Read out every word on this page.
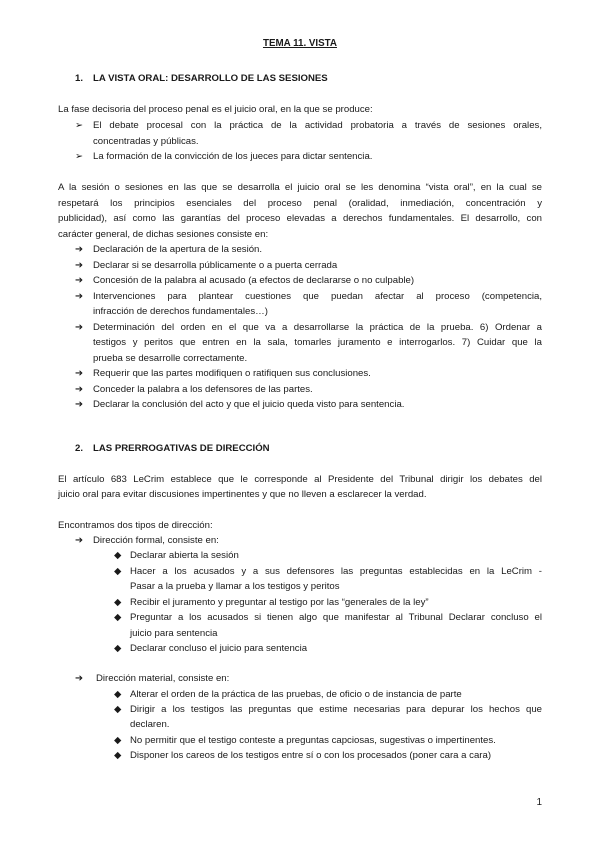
TEMA 11. VISTA
1. LA VISTA ORAL: DESARROLLO DE LAS SESIONES
La fase decisoria del proceso penal es el juicio oral, en la que se produce:
➢ El debate procesal con la práctica de la actividad probatoria a través de sesiones orales,
concentradas y públicas.
➢ La formación de la convicción de los jueces para dictar sentencia.
A la sesión o sesiones en las que se desarrolla el juicio oral se les denomina “vista oral”, en la cual se
respetará los principios esenciales del proceso penal (oralidad, inmediación, concentración y
publicidad), así como las garantías del proceso elevadas a derechos fundamentales. El desarrollo, con
carácter general, de dichas sesiones consiste en:
➔ Declaración de la apertura de la sesión.
➔ Declarar si se desarrolla públicamente o a puerta cerrada
➔ Concesión de la palabra al acusado (a efectos de declararse o no culpable)
➔ Intervenciones para plantear cuestiones que puedan afectar al proceso (competencia,
infracción de derechos fundamentales…)
➔ Determinación del orden en el que va a desarrollarse la práctica de la prueba. 6) Ordenar a
testigos y peritos que entren en la sala, tomarles juramento e interrogarlos. 7) Cuidar que la
prueba se desarrolle correctamente.
➔ Requerir que las partes modifiquen o ratifiquen sus conclusiones.
➔ Conceder la palabra a los defensores de las partes.
➔ Declarar la conclusión del acto y que el juicio queda visto para sentencia.
2. LAS PRERROGATIVAS DE DIRECCIÓN
El artículo 683 LeCrim establece que le corresponde al Presidente del Tribunal dirigir los debates del
juicio oral para evitar discusiones impertinentes y que no lleven a esclarecer la verdad.
Encontramos dos tipos de dirección:
➔ Dirección formal, consiste en:
◆ Declarar abierta la sesión
◆ Hacer a los acusados y a sus defensores las preguntas establecidas en la LeCrim -
Pasar a la prueba y llamar a los testigos y peritos
◆ Recibir el juramento y preguntar al testigo por las “generales de la ley”
◆ Preguntar a los acusados si tienen algo que manifestar al Tribunal Declarar concluso el
juicio para sentencia
◆ Declarar concluso el juicio para sentencia
➔ Dirección material, consiste en:
◆ Alterar el orden de la práctica de las pruebas, de oficio o de instancia de parte
◆ Dirigir a los testigos las preguntas que estime necesarias para depurar los hechos que
declaren.
◆ No permitir que el testigo conteste a preguntas capciosas, sugestivas o impertinentes.
◆ Disponer los careos de los testigos entre sí o con los procesados (poner cara a cara)
1
